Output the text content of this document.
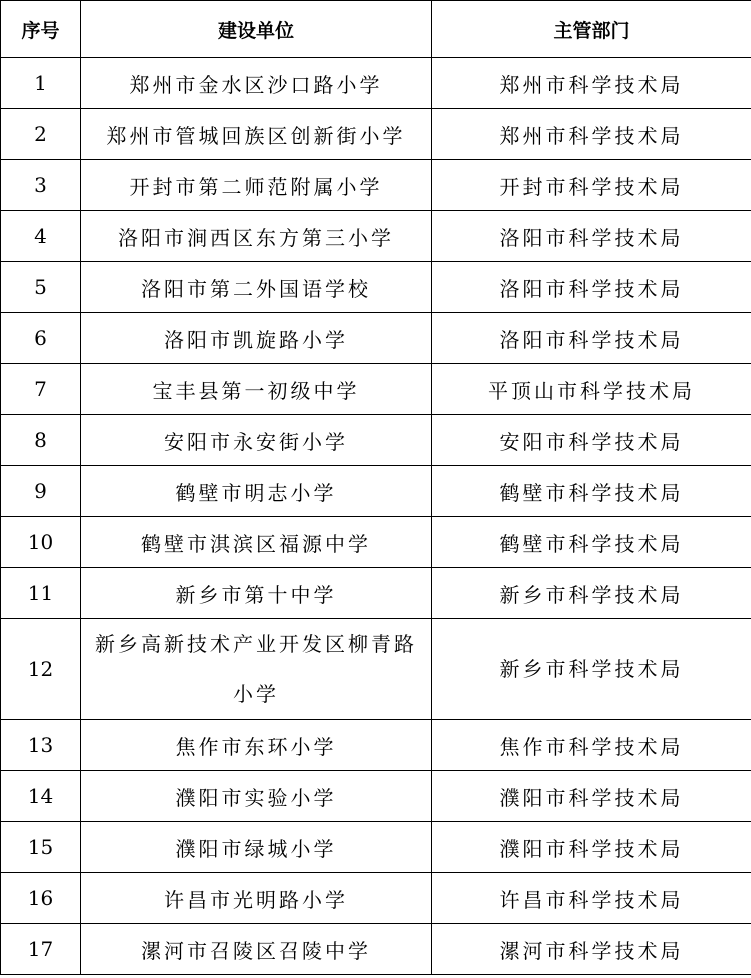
序号	建设单位	主管部门
1	郑州市金水区沙口路小学	郑州市科学技术局
2	郑州市管城回族区创新街小学	郑州市科学技术局
3	开封市第二师范附属小学	开封市科学技术局
4	洛阳市涧西区东方第三小学	洛阳市科学技术局
5	洛阳市第二外国语学校	洛阳市科学技术局
6	洛阳市凯旋路小学	洛阳市科学技术局
7	宝丰县第一初级中学	平顶山市科学技术局
8	安阳市永安街小学	安阳市科学技术局
9	鹤壁市明志小学	鹤壁市科学技术局
10	鹤壁市淇滨区福源中学	鹤壁市科学技术局
11	新乡市第十中学	新乡市科学技术局
12	新乡高新技术产业开发区柳青路小学	新乡市科学技术局
13	焦作市东环小学	焦作市科学技术局
14	濮阳市实验小学	濮阳市科学技术局
15	濮阳市绿城小学	濮阳市科学技术局
16	许昌市光明路小学	许昌市科学技术局
17	漯河市召陵区召陵中学	漯河市科学技术局
